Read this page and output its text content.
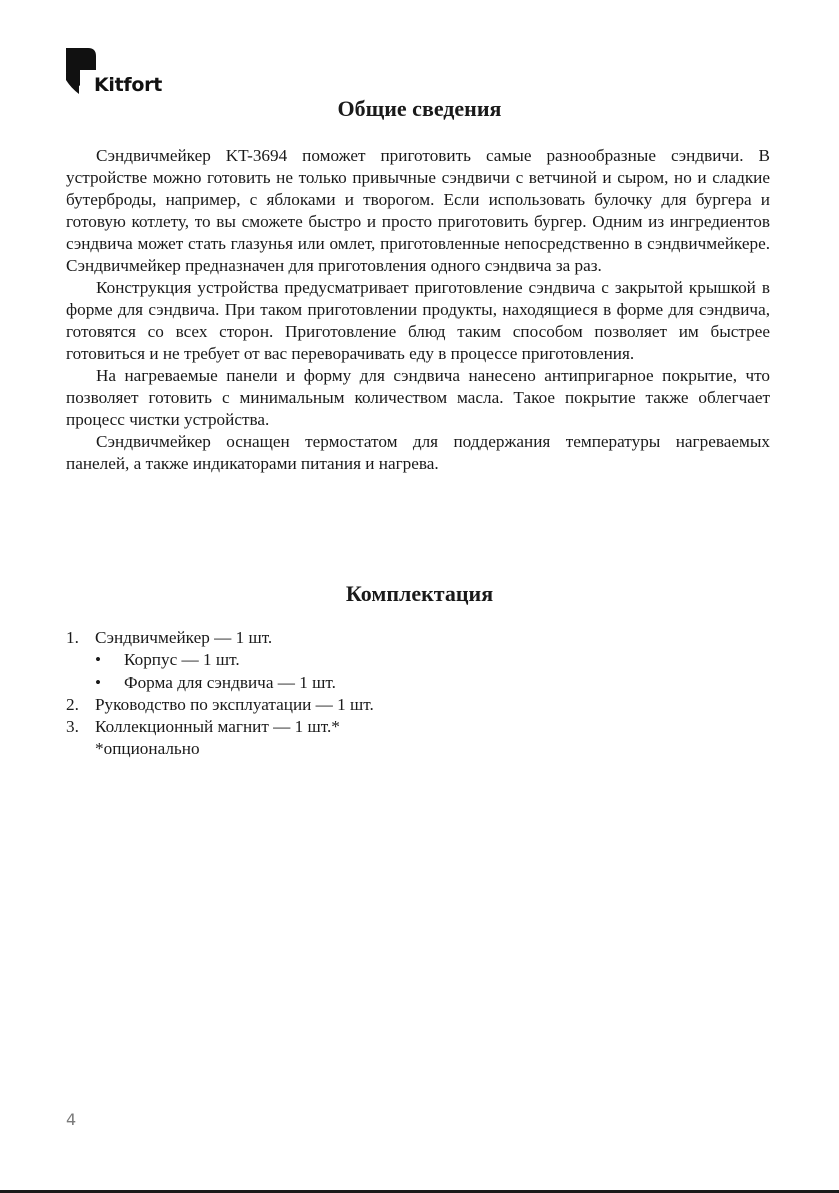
Kitfort
Общие сведения

Сэндвичмейкер KT-3694 поможет приготовить самые разнообразные сэндвичи. В устройстве можно готовить не только привычные сэндвичи с ветчиной и сыром, но и сладкие бутерброды, например, с яблоками и творогом. Если использовать булочку для бургера и готовую котлету, то вы сможете быстро и просто приготовить бургер. Одним из ингредиентов сэндвича может стать глазунья или омлет, приготовленные непосредственно в сэндвичмейкере. Сэндвичмейкер предназначен для приготовления одного сэндвича за раз.

Конструкция устройства предусматривает приготовление сэндвича с закрытой крышкой в форме для сэндвича. При таком приготовлении продукты, находящиеся в форме для сэндвича, готовятся со всех сторон. Приготовление блюд таким способом позволяет им быстрее готовиться и не требует от вас переворачивать еду в процессе приготовления.

На нагреваемые панели и форму для сэндвича нанесено антипригарное покрытие, что позволяет готовить с минимальным количеством масла. Такое покрытие также облегчает процесс чистки устройства.

Сэндвичмейкер оснащен термостатом для поддержания температуры нагреваемых панелей, а также индикаторами питания и нагрева.

Комплектация
1. Сэндвичмейкер — 1 шт.
•	Корпус — 1 шт.
•	Форма для сэндвича — 1 шт.
2. Руководство по эксплуатации — 1 шт.
3. Коллекционный магнит — 1 шт.*
*опционально
4
